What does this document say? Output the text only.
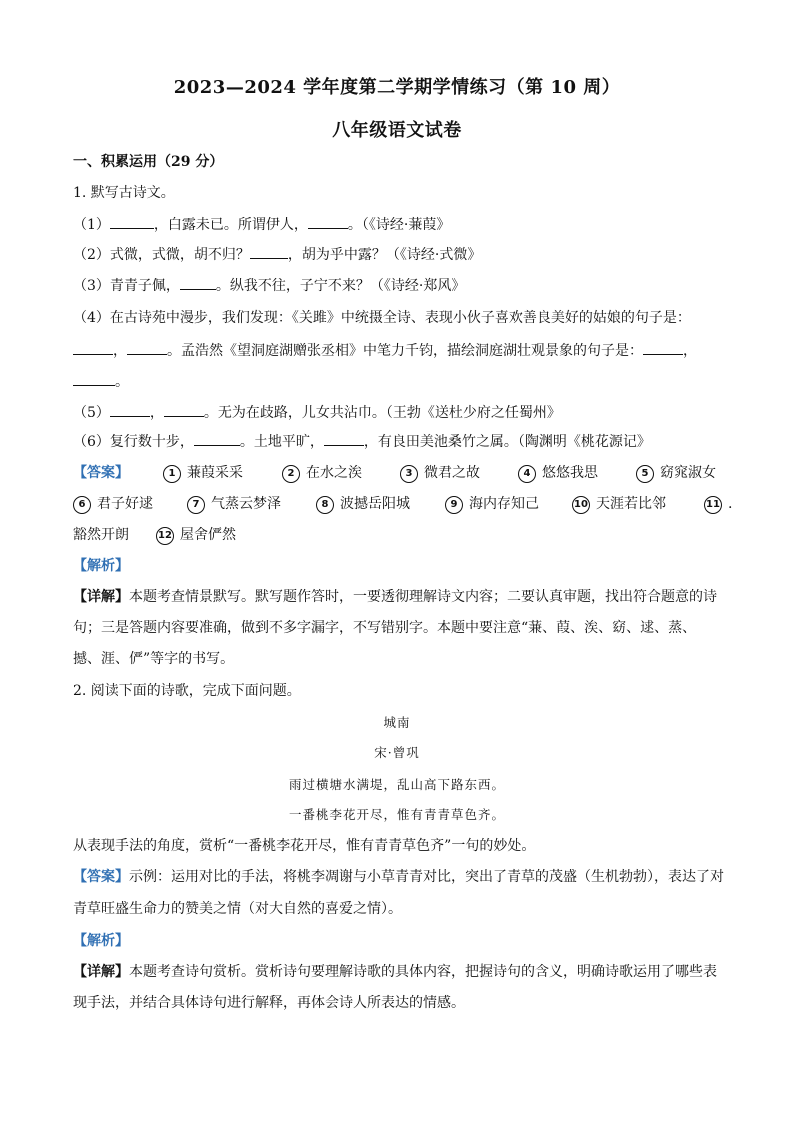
2023—2024 学年度第二学期学情练习（第 10 周）
八年级语文试卷
一、积累运用（29 分）
1. 默写古诗文。
（1）	，白露未已。所谓伊人，	。（《诗经·蒹葭》
（2）式微，式微，胡不归？	，胡为乎中露？（《诗经·式微》
（3）青青子佩，	。纵我不往，子宁不来？（《诗经·郑风》
（4）在古诗苑中漫步，我们发现：《关雎》中统摄全诗、表现小伙子喜欢善良美好的姑娘的句子是：
，	。孟浩然《望洞庭湖赠张丞相》中笔力千钧，描绘洞庭湖壮观景象的句子是：	，
。
（5）	，	。无为在歧路，儿女共沾巾。（王勃《送杜少府之任蜀州》
（6）复行数十步，	。土地平旷，	，有良田美池桑竹之属。（陶渊明《桃花源记》
【答案】	1 蒹葭采采	2 在水之涘	3 微君之故	4 悠悠我思	5 窈窕淑女
6 君子好逑	7 气蒸云梦泽	8 波撼岳阳城	9 海内存知己	10 天涯若比邻	11 .
豁然开朗	12 屋舍俨然
【解析】
【详解】本题考查情景默写。默写题作答时，一要透彻理解诗文内容；二要认真审题，找出符合题意的诗
句；三是答题内容要准确，做到不多字漏字，不写错别字。本题中要注意“蒹、葭、涘、窈、逑、蒸、
撼、涯、俨”等字的书写。
2. 阅读下面的诗歌，完成下面问题。
城南
宋·曾巩
雨过横塘水满堤，乱山高下路东西。
一番桃李花开尽，惟有青青草色齐。
从表现手法的角度，赏析“一番桃李花开尽，惟有青青草色齐”一句的妙处。
【答案】示例：运用对比的手法，将桃李凋谢与小草青青对比，突出了青草的茂盛（生机勃勃），表达了对
青草旺盛生命力的赞美之情（对大自然的喜爱之情）。
【解析】
【详解】本题考查诗句赏析。赏析诗句要理解诗歌的具体内容，把握诗句的含义，明确诗歌运用了哪些表
现手法，并结合具体诗句进行解释，再体会诗人所表达的情感。
